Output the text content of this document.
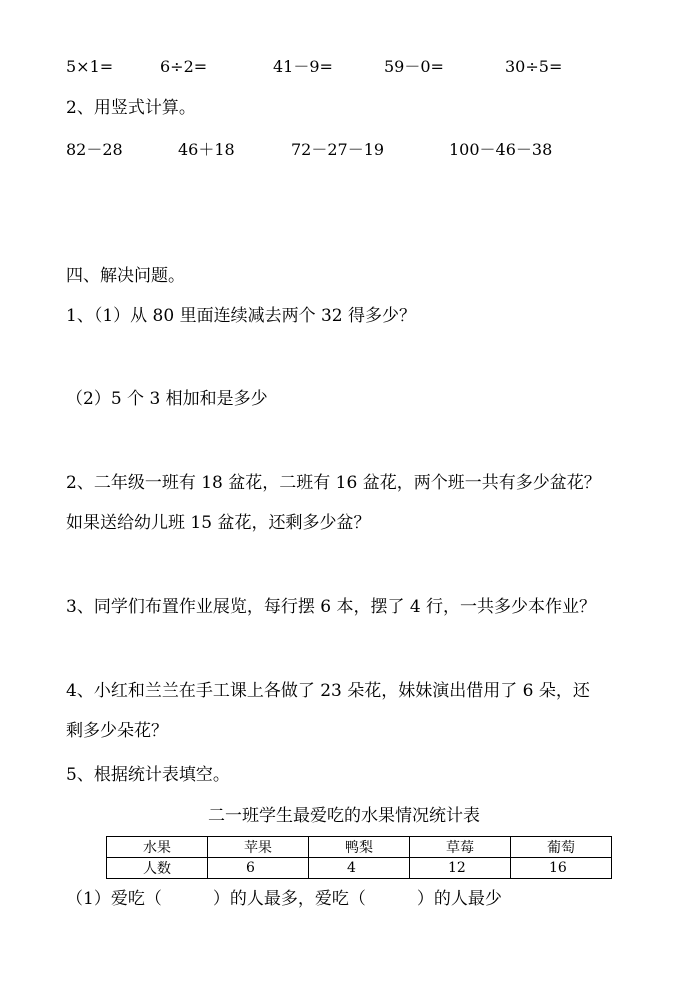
5×1=	6÷2=	41－9=	59－0=	30÷5=
2、用竖式计算。
82－28	46＋18	72－27－19	100－46－38
四、解决问题。
1、（1）从 80 里面连续减去两个 32 得多少？
（2）5 个 3 相加和是多少
2、二年级一班有 18 盆花，二班有 16 盆花，两个班一共有多少盆花？
如果送给幼儿班 15 盆花，还剩多少盆？
3、同学们布置作业展览，每行摆 6 本，摆了 4 行，一共多少本作业？
4、小红和兰兰在手工课上各做了 23 朵花，妹妹演出借用了 6 朵，还
剩多少朵花？
5、根据统计表填空。
二一班学生最爱吃的水果情况统计表
水果	苹果	鸭梨	草莓	葡萄
人数	6	4	12	16
（1）爱吃（　　　）的人最多，爱吃（　　　）的人最少
